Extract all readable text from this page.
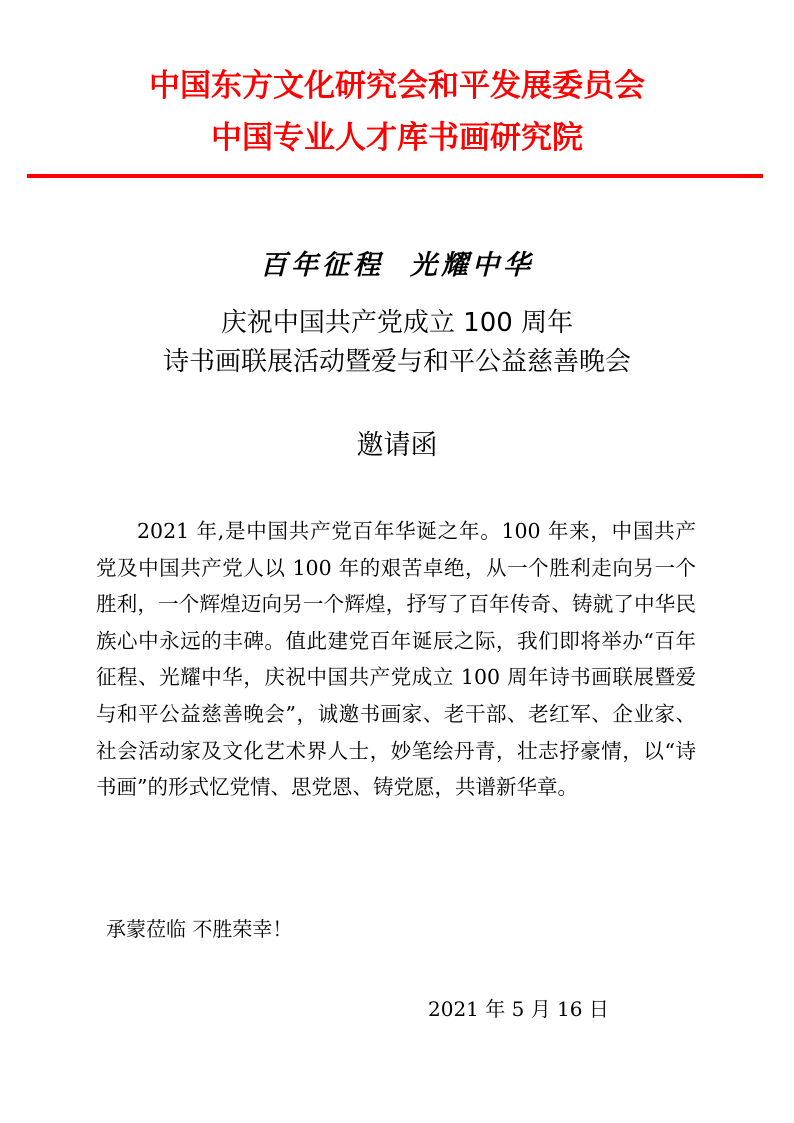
中国东方文化研究会和平发展委员会
中国专业人才库书画研究院
百年征程 光耀中华
庆祝中国共产党成立 100 周年
诗书画联展活动暨爱与和平公益慈善晚会
邀请函

2021 年,是中国共产党百年华诞之年。100 年来，中国共产党及中国共产党人以 100 年的艰苦卓绝，从一个胜利走向另一个胜利，一个辉煌迈向另一个辉煌，抒写了百年传奇、铸就了中华民族心中永远的丰碑。值此建党百年诞辰之际，我们即将举办“百年征程、光耀中华，庆祝中国共产党成立 100 周年诗书画联展暨爱与和平公益慈善晚会”，诚邀书画家、老干部、老红军、企业家、社会活动家及文化艺术界人士，妙笔绘丹青，壮志抒豪情，以“诗书画”的形式忆党情、思党恩、铸党愿，共谱新华章。

承蒙莅临 不胜荣幸！
2021 年 5 月 16 日
